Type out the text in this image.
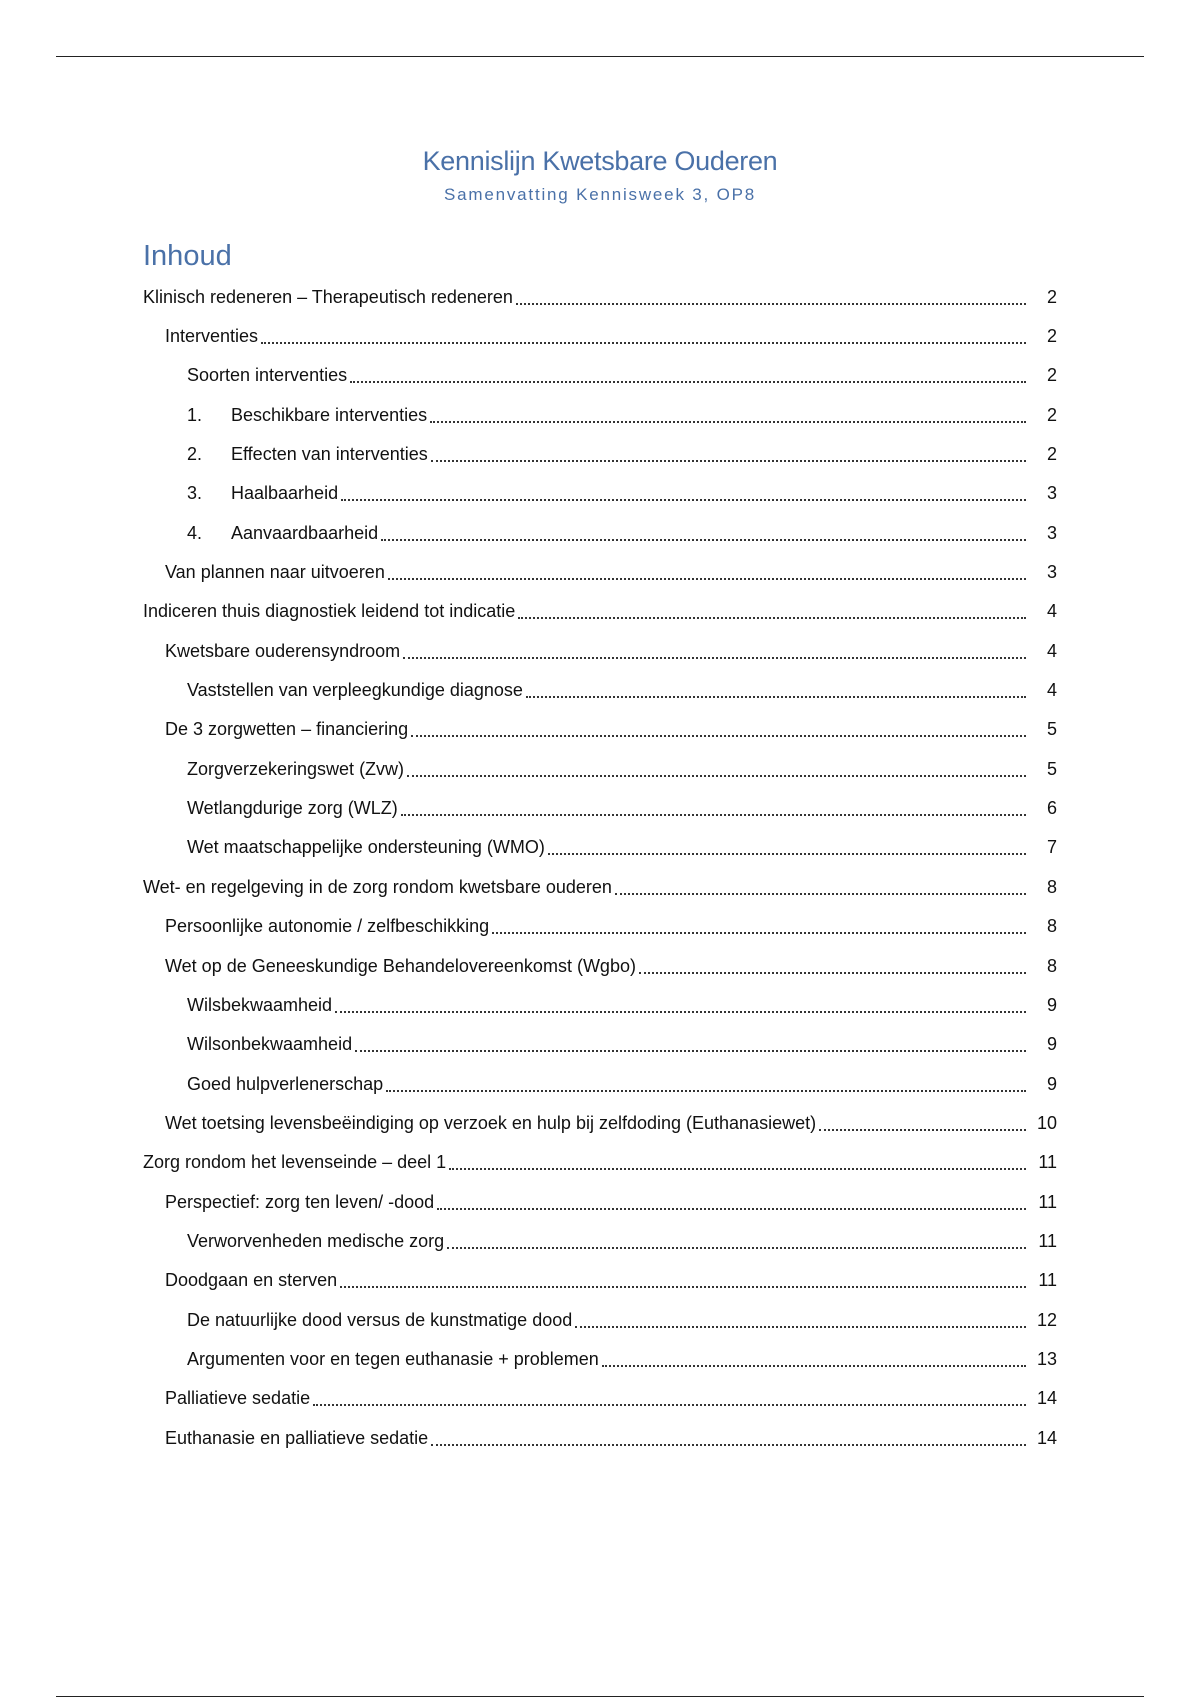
Kennislijn Kwetsbare Ouderen
Samenvatting Kennisweek 3, OP8
Inhoud
Klinisch redeneren – Therapeutisch redeneren	2
Interventies	2
Soorten interventies	2
1.	Beschikbare interventies	2
2.	Effecten van interventies	2
3.	Haalbaarheid	3
4.	Aanvaardbaarheid	3
Van plannen naar uitvoeren	3
Indiceren thuis diagnostiek leidend tot indicatie	4
Kwetsbare ouderensyndroom	4
Vaststellen van verpleegkundige diagnose	4
De 3 zorgwetten – financiering	5
Zorgverzekeringswet (Zvw)	5
Wetlangdurige zorg (WLZ)	6
Wet maatschappelijke ondersteuning (WMO)	7
Wet- en regelgeving in de zorg rondom kwetsbare ouderen	8
Persoonlijke autonomie / zelfbeschikking	8
Wet op de Geneeskundige Behandelovereenkomst (Wgbo)	8
Wilsbekwaamheid	9
Wilsonbekwaamheid	9
Goed hulpverlenerschap	9
Wet toetsing levensbeëindiging op verzoek en hulp bij zelfdoding (Euthanasiewet)	10
Zorg rondom het levenseinde – deel 1	11
Perspectief: zorg ten leven/ -dood	11
Verworvenheden medische zorg	11
Doodgaan en sterven	11
De natuurlijke dood versus de kunstmatige dood	12
Argumenten voor en tegen euthanasie + problemen	13
Palliatieve sedatie	14
Euthanasie en palliatieve sedatie	14
